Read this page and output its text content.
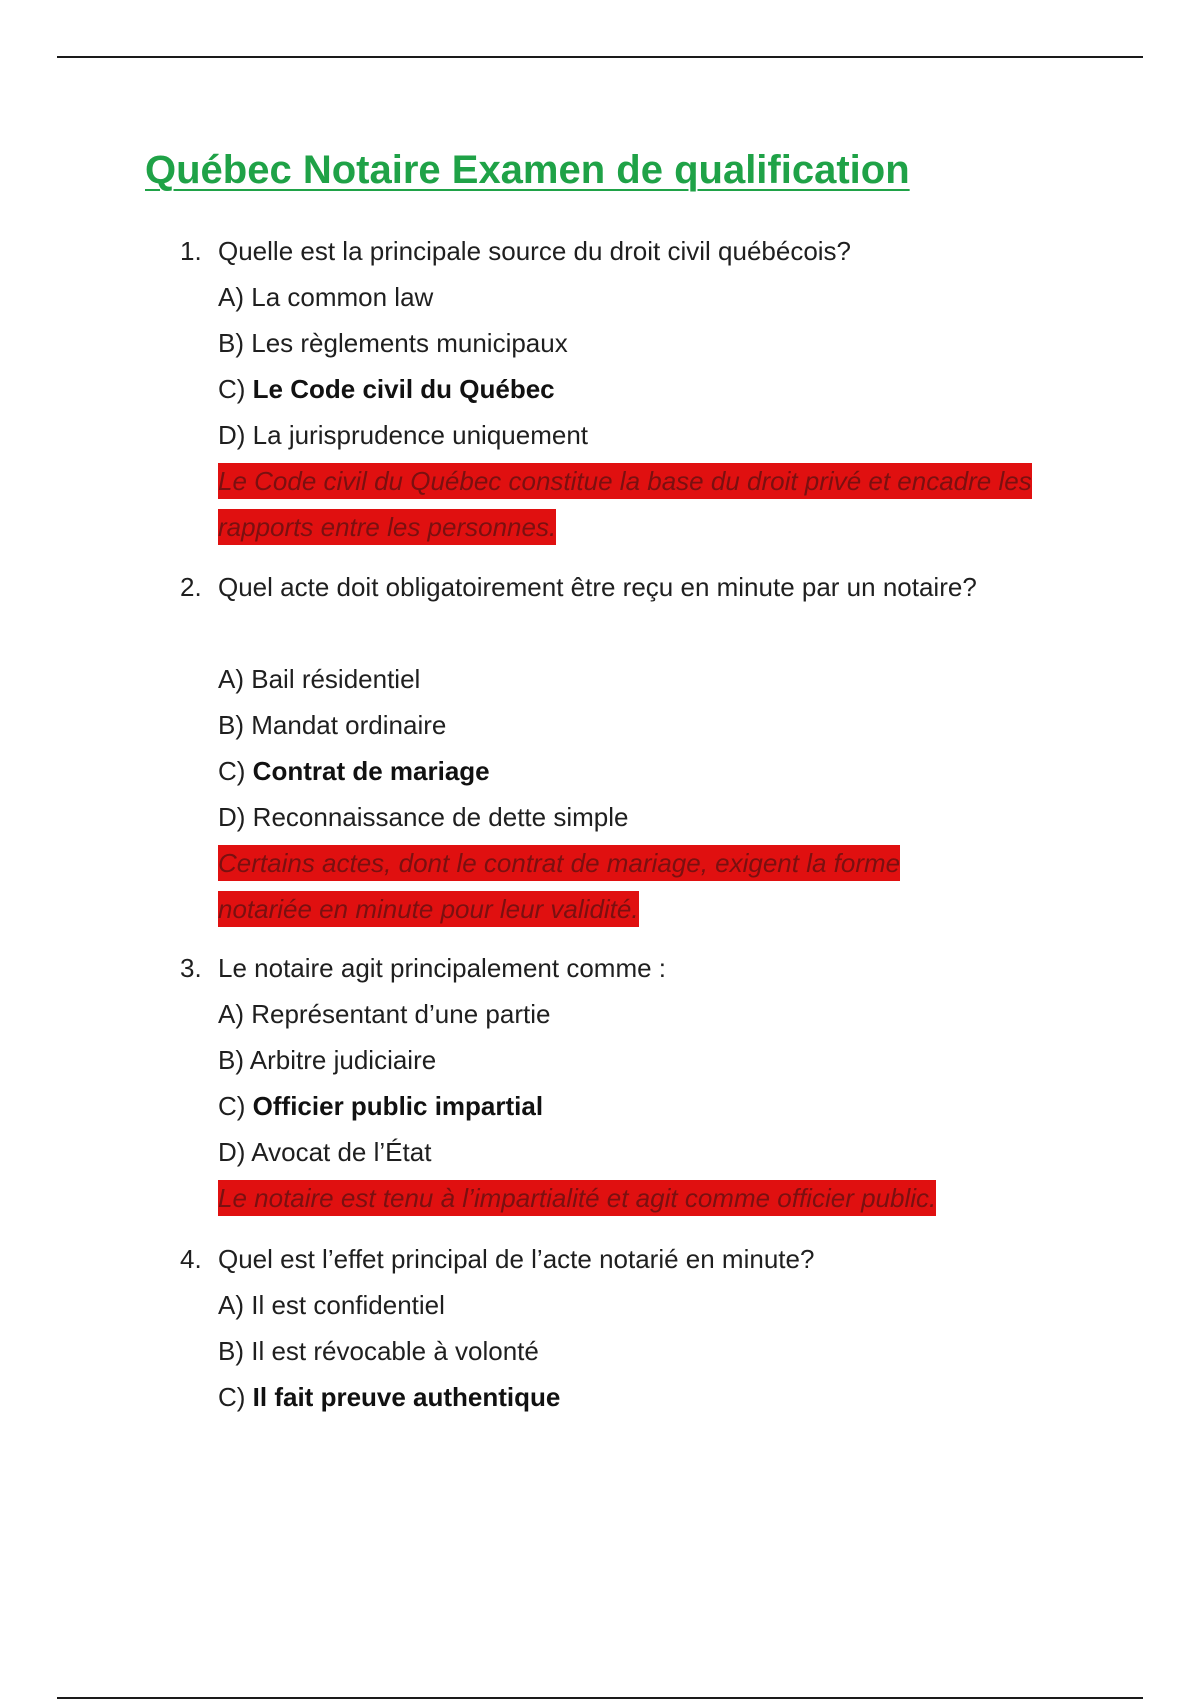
Québec Notaire Examen de qualification
1. Quelle est la principale source du droit civil québécois?
A) La common law
B) Les règlements municipaux
C) Le Code civil du Québec
D) La jurisprudence uniquement

Le Code civil du Québec constitue la base du droit privé et encadre les rapports entre les personnes.

2. Quel acte doit obligatoirement être reçu en minute par un notaire?
A) Bail résidentiel
B) Mandat ordinaire
C) Contrat de mariage
D) Reconnaissance de dette simple

Certains actes, dont le contrat de mariage, exigent la forme notariée en minute pour leur validité.

3. Le notaire agit principalement comme :
A) Représentant d’une partie
B) Arbitre judiciaire
C) Officier public impartial
D) Avocat de l’État

Le notaire est tenu à l’impartialité et agit comme officier public.

4. Quel est l’effet principal de l’acte notarié en minute?
A) Il est confidentiel
B) Il est révocable à volonté
C) Il fait preuve authentique
